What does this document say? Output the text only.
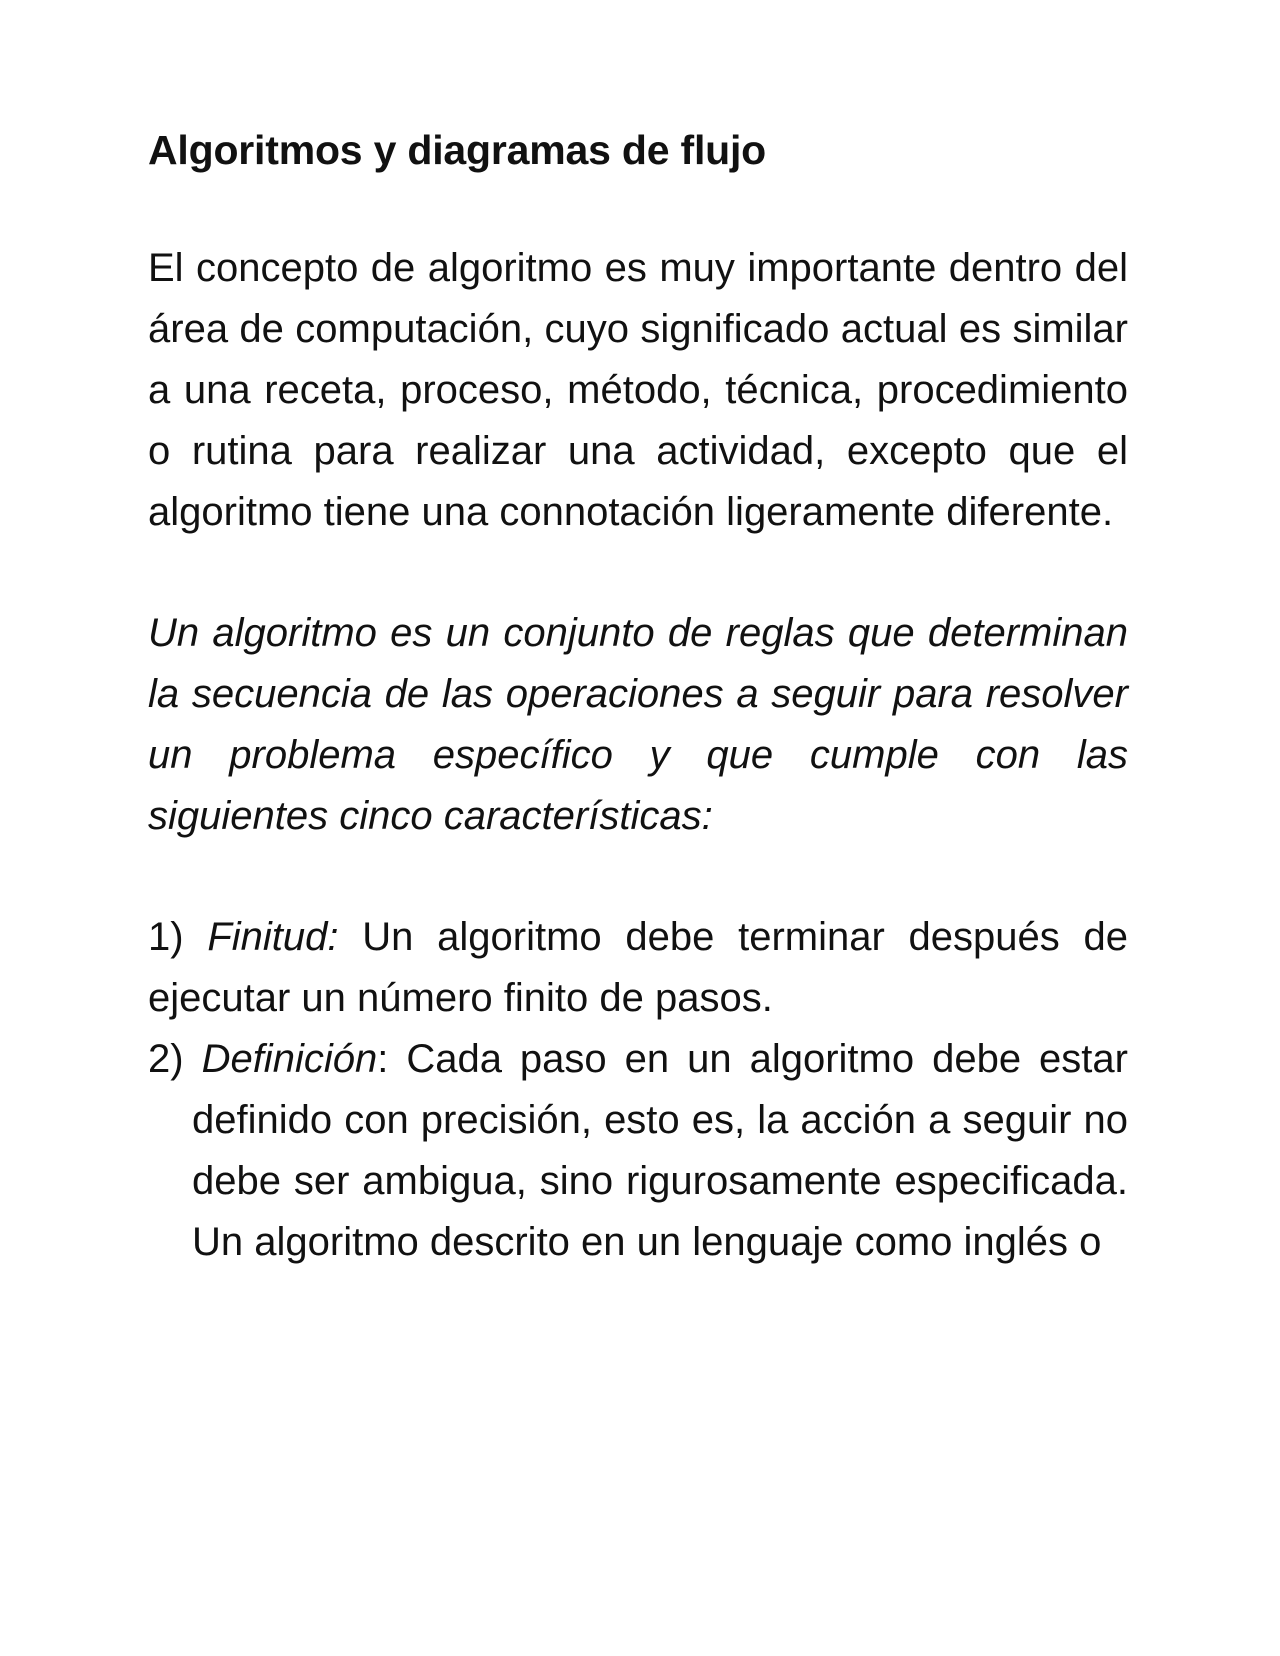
Algoritmos y diagramas de flujo

El concepto de algoritmo es muy importante dentro del área de computación, cuyo significado actual es similar a una receta, proceso, método, técnica, procedimiento o rutina para realizar una actividad, excepto que el algoritmo tiene una connotación ligeramente diferente.

Un algoritmo es un conjunto de reglas que determinan la secuencia de las operaciones a seguir para resolver un problema específico y que cumple con las siguientes cinco características:

1) Finitud: Un algoritmo debe terminar después de ejecutar un número finito de pasos.
2) Definición: Cada paso en un algoritmo debe estar definido con precisión, esto es, la acción a seguir no debe ser ambigua, sino rigurosamente especificada. Un algoritmo descrito en un lenguaje como inglés o
